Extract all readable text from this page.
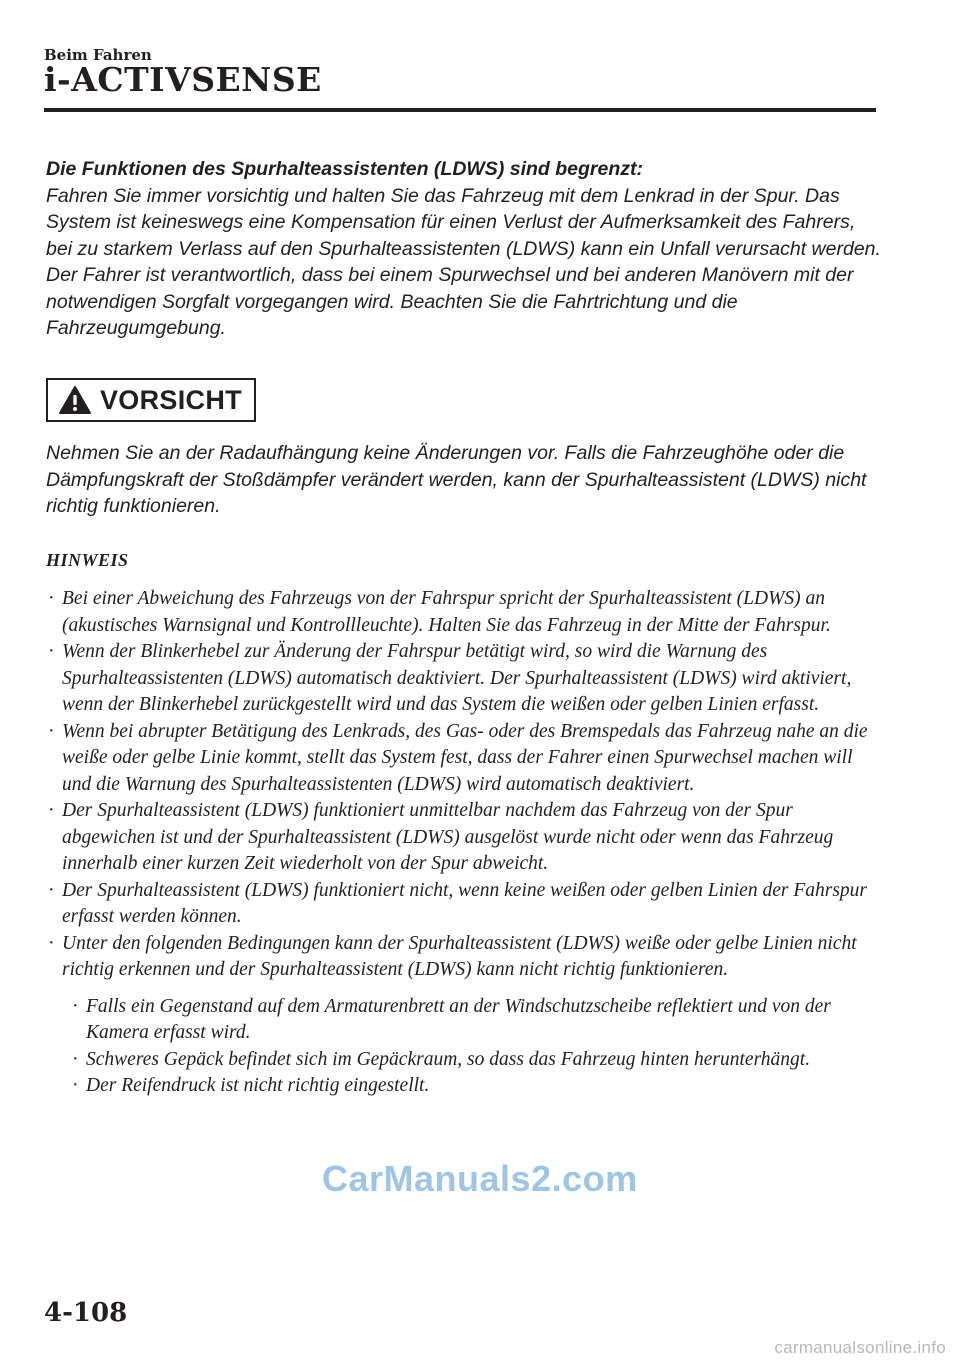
Beim Fahren
i-ACTIVSENSE
Die Funktionen des Spurhalteassistenten (LDWS) sind begrenzt:
Fahren Sie immer vorsichtig und halten Sie das Fahrzeug mit dem Lenkrad in der Spur. Das System ist keineswegs eine Kompensation für einen Verlust der Aufmerksamkeit des Fahrers, bei zu starkem Verlass auf den Spurhalteassistenten (LDWS) kann ein Unfall verursacht werden. Der Fahrer ist verantwortlich, dass bei einem Spurwechsel und bei anderen Manövern mit der notwendigen Sorgfalt vorgegangen wird. Beachten Sie die Fahrtrichtung und die Fahrzeugumgebung.
VORSICHT
Nehmen Sie an der Radaufhängung keine Änderungen vor. Falls die Fahrzeughöhe oder die Dämpfungskraft der Stoßdämpfer verändert werden, kann der Spurhalteassistent (LDWS) nicht richtig funktionieren.
HINWEIS
· Bei einer Abweichung des Fahrzeugs von der Fahrspur spricht der Spurhalteassistent (LDWS) an (akustisches Warnsignal und Kontrollleuchte). Halten Sie das Fahrzeug in der Mitte der Fahrspur.
· Wenn der Blinkerhebel zur Änderung der Fahrspur betätigt wird, so wird die Warnung des Spurhalteassistenten (LDWS) automatisch deaktiviert. Der Spurhalteassistent (LDWS) wird aktiviert, wenn der Blinkerhebel zurückgestellt wird und das System die weißen oder gelben Linien erfasst.
· Wenn bei abrupter Betätigung des Lenkrads, des Gas- oder des Bremspedals das Fahrzeug nahe an die weiße oder gelbe Linie kommt, stellt das System fest, dass der Fahrer einen Spurwechsel machen will und die Warnung des Spurhalteassistenten (LDWS) wird automatisch deaktiviert.
· Der Spurhalteassistent (LDWS) funktioniert unmittelbar nachdem das Fahrzeug von der Spur abgewichen ist und der Spurhalteassistent (LDWS) ausgelöst wurde nicht oder wenn das Fahrzeug innerhalb einer kurzen Zeit wiederholt von der Spur abweicht.
· Der Spurhalteassistent (LDWS) funktioniert nicht, wenn keine weißen oder gelben Linien der Fahrspur erfasst werden können.
· Unter den folgenden Bedingungen kann der Spurhalteassistent (LDWS) weiße oder gelbe Linien nicht richtig erkennen und der Spurhalteassistent (LDWS) kann nicht richtig funktionieren.
· Falls ein Gegenstand auf dem Armaturenbrett an der Windschutzscheibe reflektiert und von der Kamera erfasst wird.
· Schweres Gepäck befindet sich im Gepäckraum, so dass das Fahrzeug hinten herunterhängt.
· Der Reifendruck ist nicht richtig eingestellt.
CarManuals2.com
4-108
carmanualsonline.info
